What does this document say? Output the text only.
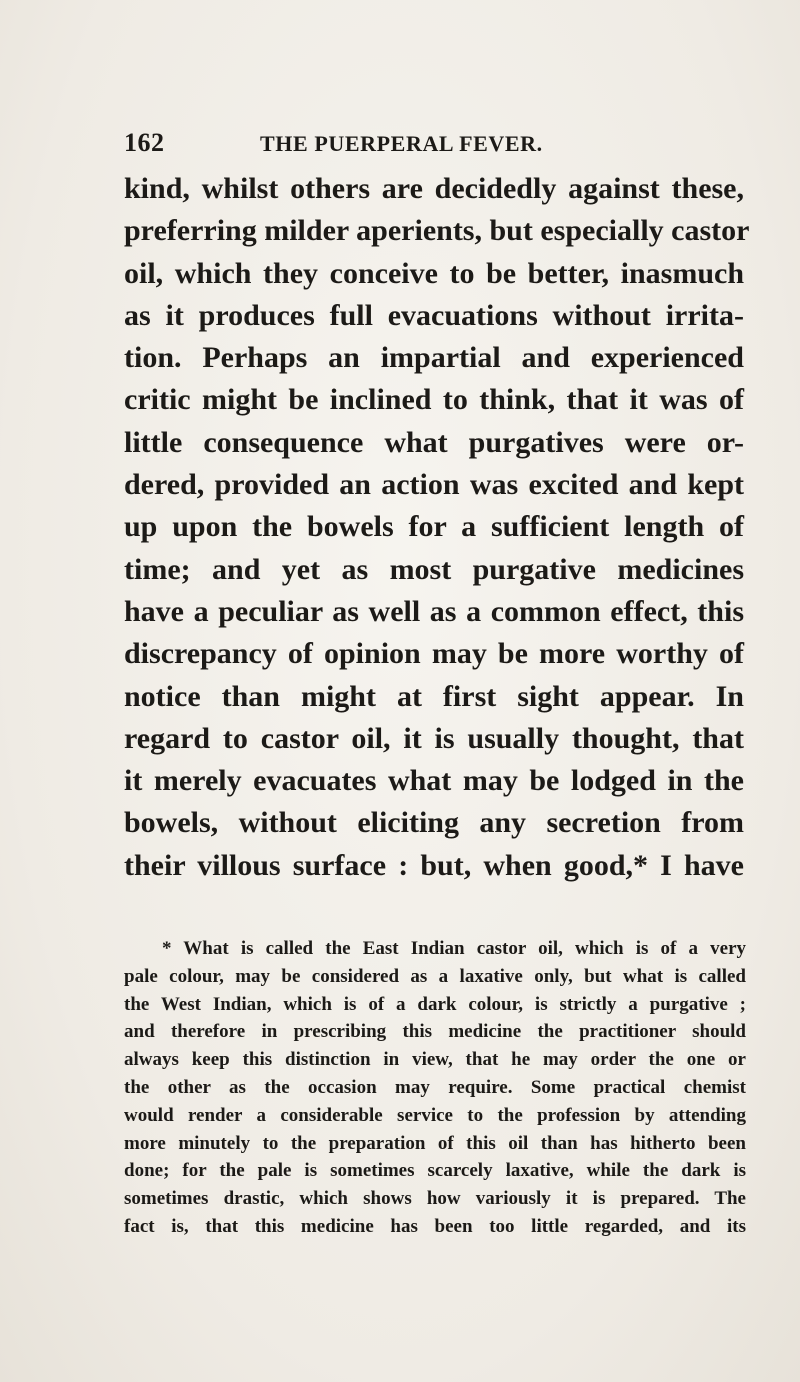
162	THE PUERPERAL FEVER.
kind, whilst others are decidedly against these,
preferring milder aperients, but especially castor
oil, which they conceive to be better, inasmuch
as it produces full evacuations without irrita-
tion. Perhaps an impartial and experienced
critic might be inclined to think, that it was of
little consequence what purgatives were or-
dered, provided an action was excited and kept
up upon the bowels for a sufficient length of
time; and yet as most purgative medicines
have a peculiar as well as a common effect, this
discrepancy of opinion may be more worthy of
notice than might at first sight appear. In
regard to castor oil, it is usually thought, that
it merely evacuates what may be lodged in the
bowels, without eliciting any secretion from
their villous surface : but, when good,* I have
* What is called the East Indian castor oil, which is of a very
pale colour, may be considered as a laxative only, but what is called
the West Indian, which is of a dark colour, is strictly a purgative ;
and therefore in prescribing this medicine the practitioner should
always keep this distinction in view, that he may order the one or
the other as the occasion may require. Some practical chemist
would render a considerable service to the profession by attending
more minutely to the preparation of this oil than has hitherto been
done; for the pale is sometimes scarcely laxative, while the dark is
sometimes drastic, which shows how variously it is prepared. The
fact is, that this medicine has been too little regarded, and its
